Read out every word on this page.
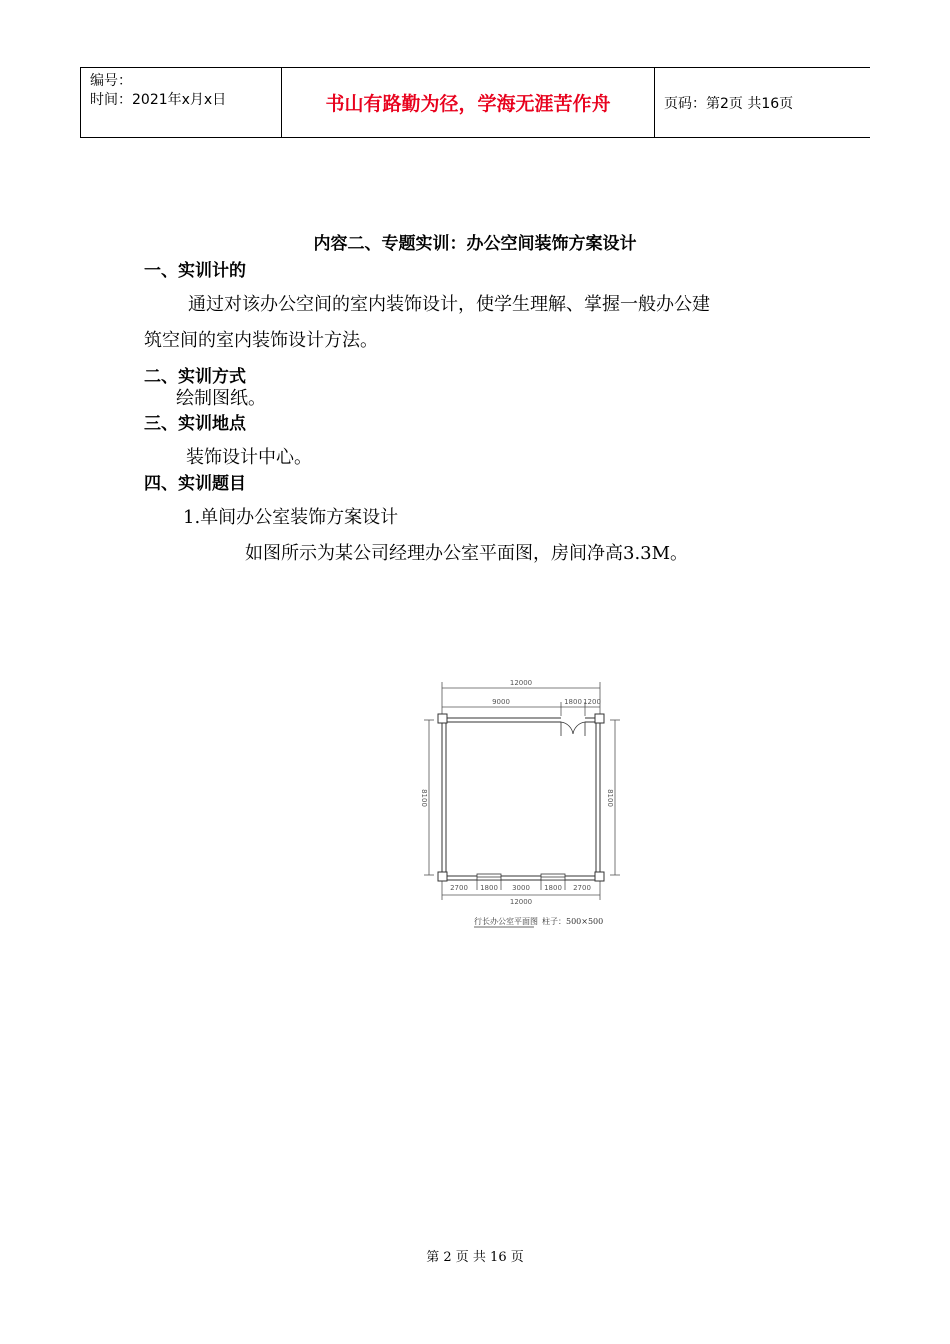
编号：
时间：2021年x月x日	书山有路勤为径，学海无涯苦作舟	页码：第2页 共16页
内容二、专题实训：办公空间装饰方案设计
一、实训计的
通过对该办公空间的室内装饰设计，使学生理解、掌握一般办公建
筑空间的室内装饰设计方法。
二、实训方式
绘制图纸。
三、实训地点
装饰设计中心。
四、实训题目
1.单间办公室装饰方案设计
如图所示为某公司经理办公室平面图，房间净高3.3M。
12000
9000	1800 1200
2700 1800 3000 1800 2700
12000
8100	8100
行长办公室平面图 柱子：500×500
第 2 页 共 16 页
